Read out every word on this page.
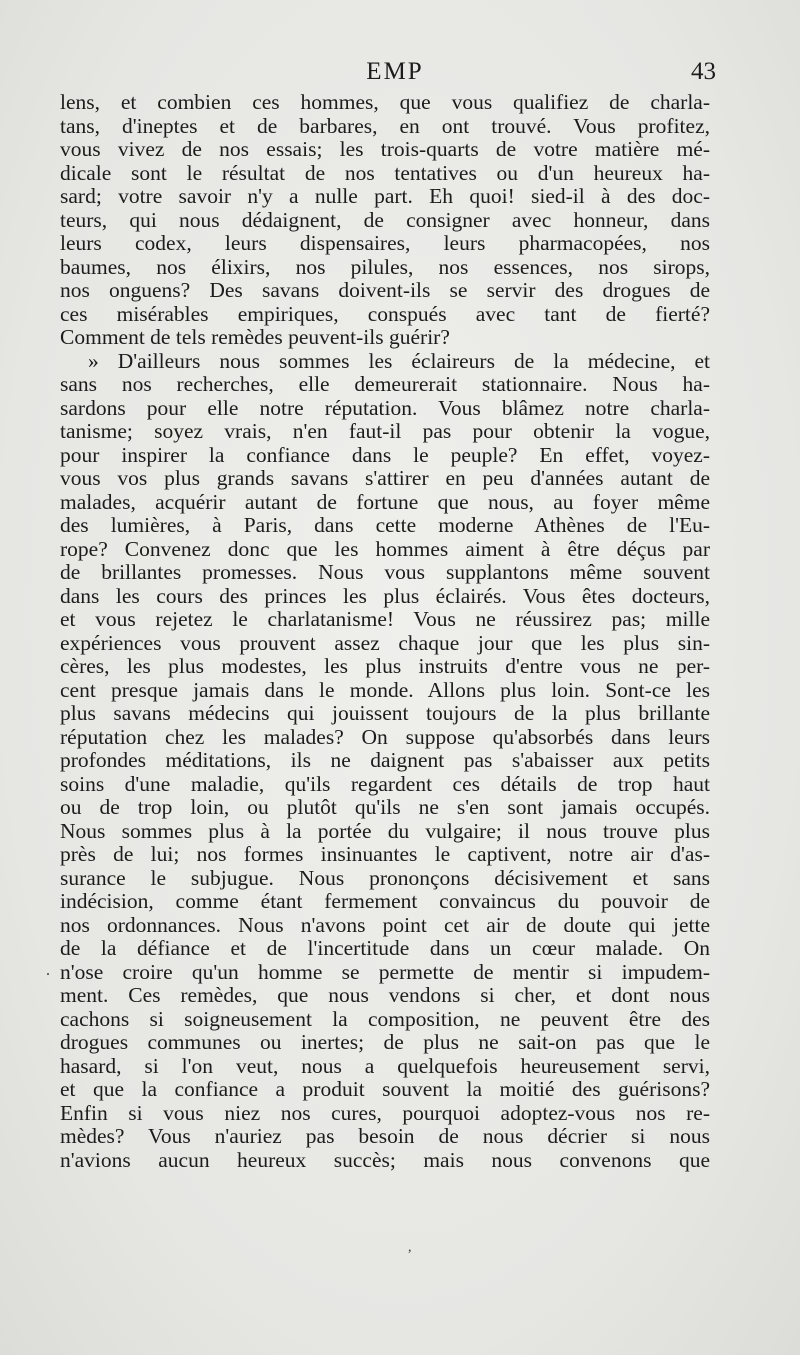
EMP	43
lens, et combien ces hommes, que vous qualifiez de charla-
tans, d'ineptes et de barbares, en ont trouvé. Vous profitez,
vous vivez de nos essais; les trois-quarts de votre matière mé-
dicale sont le résultat de nos tentatives ou d'un heureux ha-
sard; votre savoir n'y a nulle part. Eh quoi! sied-il à des doc-
teurs, qui nous dédaignent, de consigner avec honneur, dans
leurs codex, leurs dispensaires, leurs pharmacopées, nos
baumes, nos élixirs, nos pilules, nos essences, nos sirops,
nos onguens? Des savans doivent-ils se servir des drogues de
ces misérables empiriques, conspués avec tant de fierté?
Comment de tels remèdes peuvent-ils guérir?
» D'ailleurs nous sommes les éclaireurs de la médecine, et
sans nos recherches, elle demeurerait stationnaire. Nous ha-
sardons pour elle notre réputation. Vous blâmez notre charla-
tanisme; soyez vrais, n'en faut-il pas pour obtenir la vogue,
pour inspirer la confiance dans le peuple? En effet, voyez-
vous vos plus grands savans s'attirer en peu d'années autant de
malades, acquérir autant de fortune que nous, au foyer même
des lumières, à Paris, dans cette moderne Athènes de l'Eu-
rope? Convenez donc que les hommes aiment à être déçus par
de brillantes promesses. Nous vous supplantons même souvent
dans les cours des princes les plus éclairés. Vous êtes docteurs,
et vous rejetez le charlatanisme! Vous ne réussirez pas; mille
expériences vous prouvent assez chaque jour que les plus sin-
cères, les plus modestes, les plus instruits d'entre vous ne per-
cent presque jamais dans le monde. Allons plus loin. Sont-ce les
plus savans médecins qui jouissent toujours de la plus brillante
réputation chez les malades? On suppose qu'absorbés dans leurs
profondes méditations, ils ne daignent pas s'abaisser aux petits
soins d'une maladie, qu'ils regardent ces détails de trop haut
ou de trop loin, ou plutôt qu'ils ne s'en sont jamais occupés.
Nous sommes plus à la portée du vulgaire; il nous trouve plus
près de lui; nos formes insinuantes le captivent, notre air d'as-
surance le subjugue. Nous prononçons décisivement et sans
indécision, comme étant fermement convaincus du pouvoir de
nos ordonnances. Nous n'avons point cet air de doute qui jette
de la défiance et de l'incertitude dans un cœur malade. On
n'ose croire qu'un homme se permette de mentir si impudem-
ment. Ces remèdes, que nous vendons si cher, et dont nous
cachons si soigneusement la composition, ne peuvent être des
drogues communes ou inertes; de plus ne sait-on pas que le
hasard, si l'on veut, nous a quelquefois heureusement servi,
et que la confiance a produit souvent la moitié des guérisons?
Enfin si vous niez nos cures, pourquoi adoptez-vous nos re-
mèdes? Vous n'auriez pas besoin de nous décrier si nous
n'avions aucun heureux succès; mais nous convenons que
.
,
